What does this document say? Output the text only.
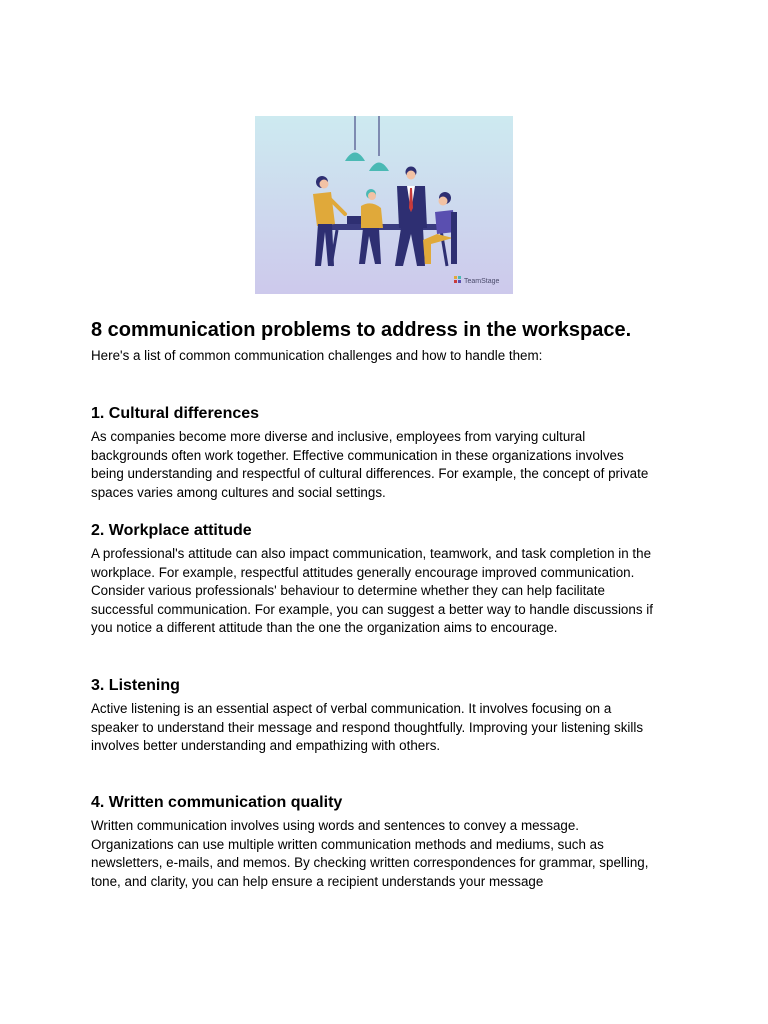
TeamStage
8 communication problems to address in the workspace.

Here's a list of common communication challenges and how to handle them:

1. Cultural differences

As companies become more diverse and inclusive, employees from varying cultural
backgrounds often work together. Effective communication in these organizations involves
being understanding and respectful of cultural differences. For example, the concept of private
spaces varies among cultures and social settings.

2. Workplace attitude

A professional's attitude can also impact communication, teamwork, and task completion in the
workplace. For example, respectful attitudes generally encourage improved communication.
Consider various professionals' behaviour to determine whether they can help facilitate
successful communication. For example, you can suggest a better way to handle discussions if
you notice a different attitude than the one the organization aims to encourage.

3. Listening

Active listening is an essential aspect of verbal communication. It involves focusing on a
speaker to understand their message and respond thoughtfully. Improving your listening skills
involves better understanding and empathizing with others.

4. Written communication quality

Written communication involves using words and sentences to convey a message.
Organizations can use multiple written communication methods and mediums, such as
newsletters, e-mails, and memos. By checking written correspondences for grammar, spelling,
tone, and clarity, you can help ensure a recipient understands your message
